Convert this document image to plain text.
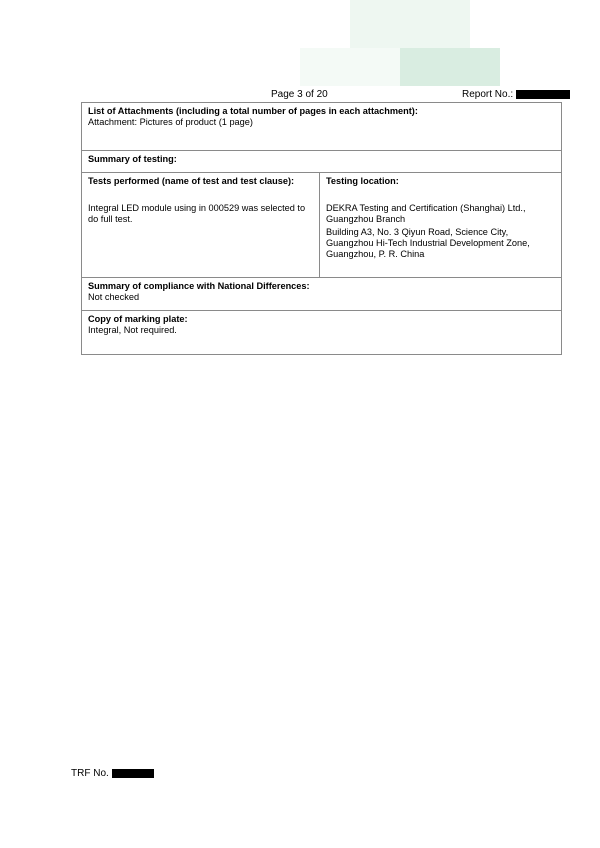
Page 3 of 20	Report No.:
List of Attachments (including a total number of pages in each attachment):
Attachment: Pictures of product (1 page)

Summary of testing:

Tests performed (name of test and test clause):
Integral LED module using in 000529 was selected to do full test.

Testing location:
DEKRA Testing and Certification (Shanghai) Ltd., Guangzhou Branch
Building A3, No. 3 Qiyun Road, Science City, Guangzhou Hi-Tech Industrial Development Zone, Guangzhou, P. R. China

Summary of compliance with National Differences:
Not checked

Copy of marking plate:
Integral, Not required.
TRF No.
